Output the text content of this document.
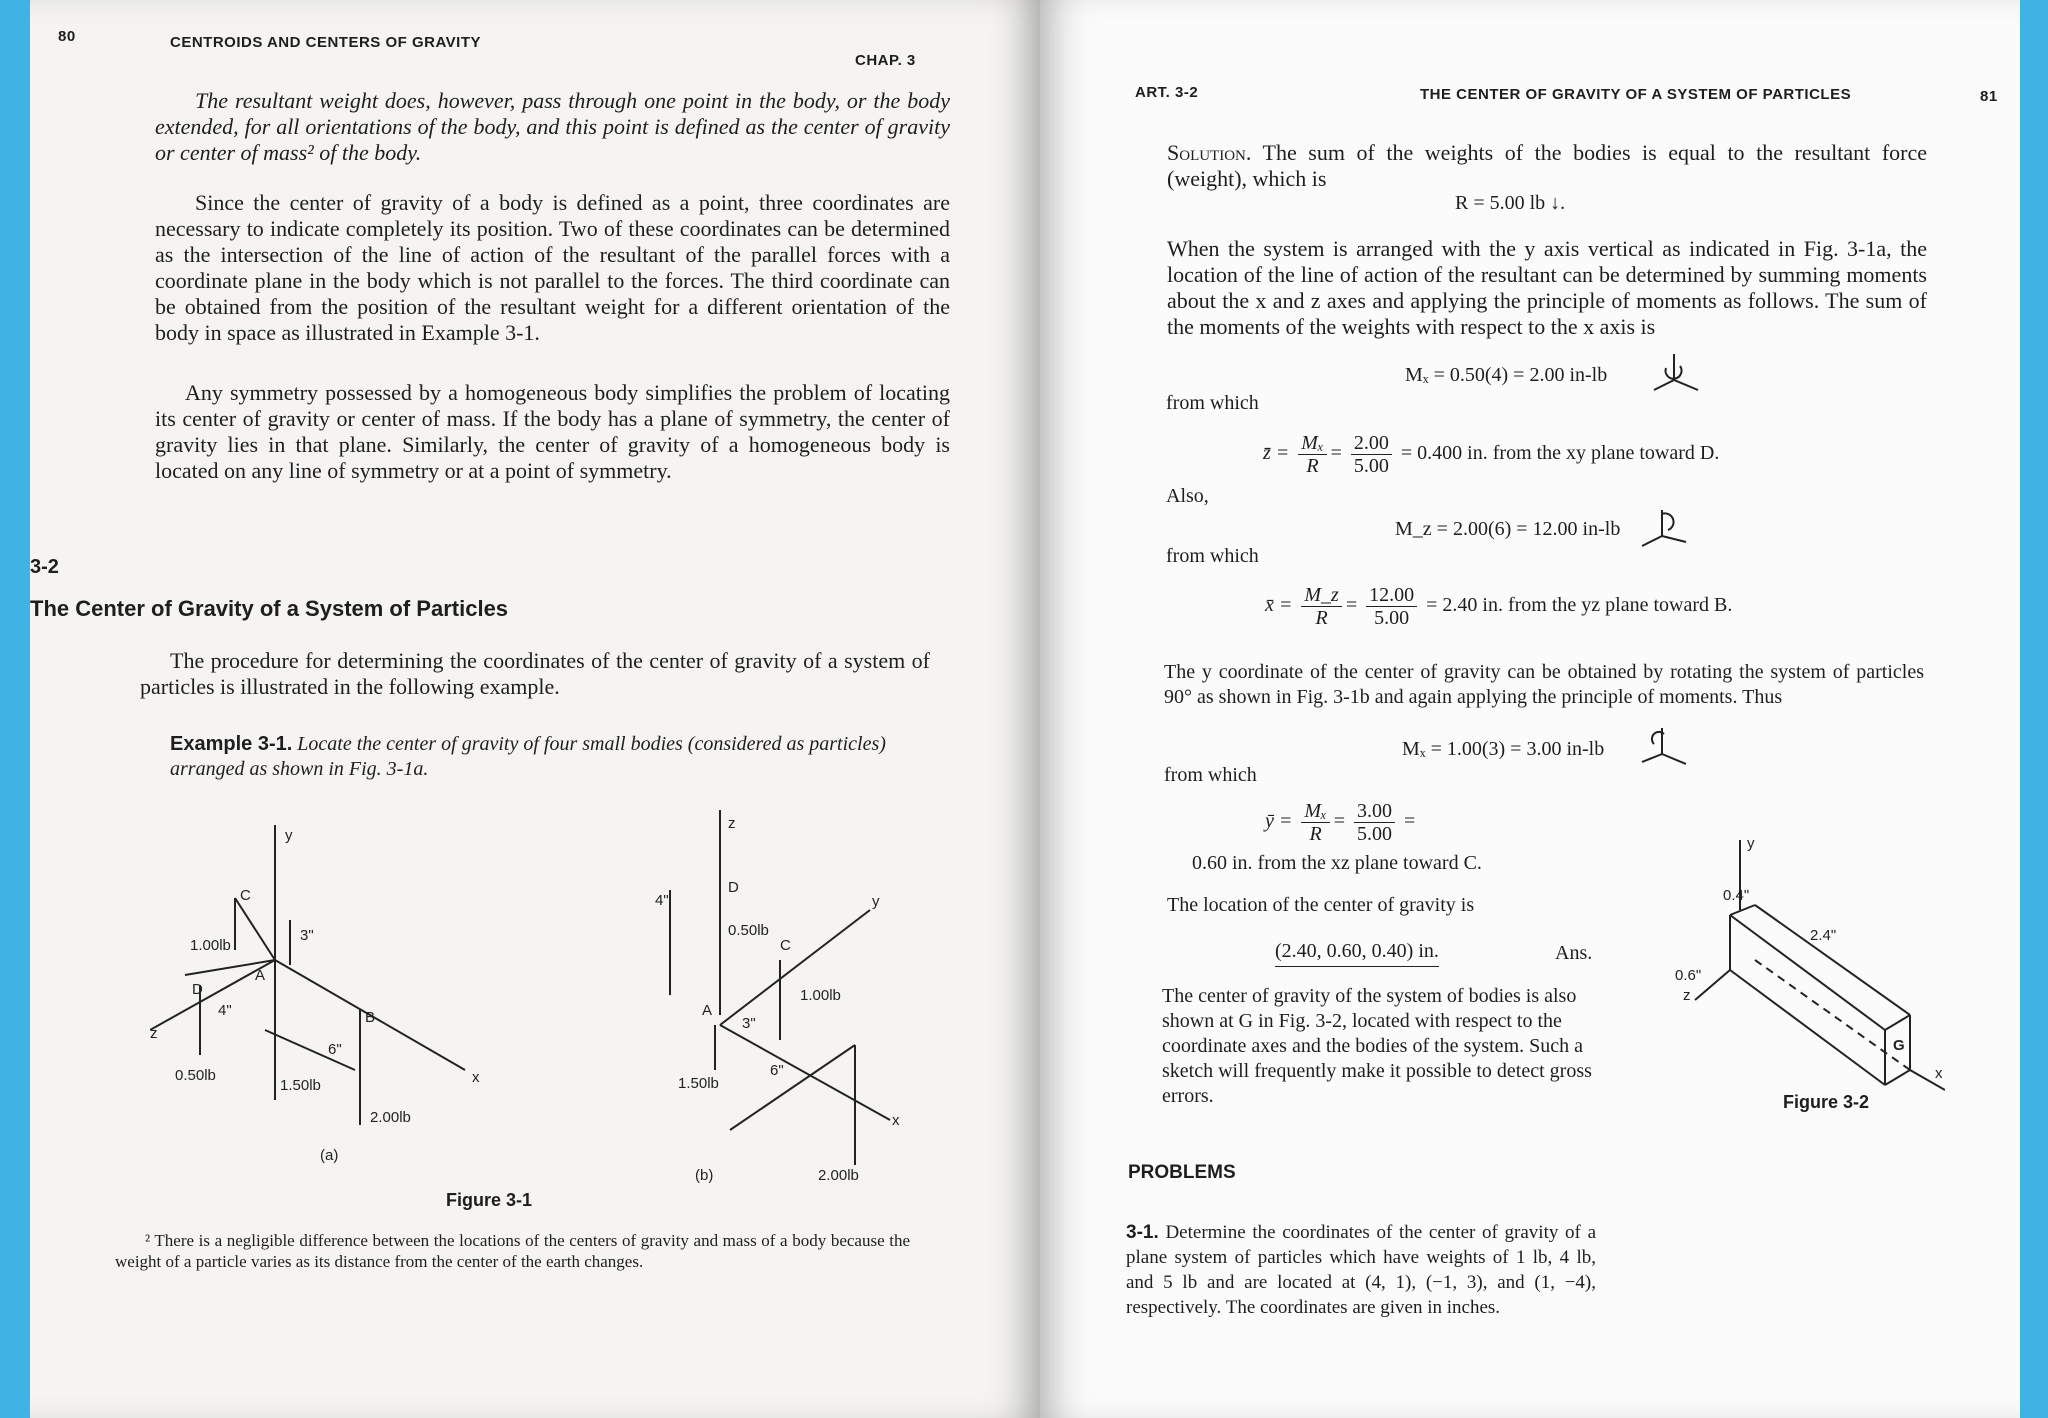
80	CENTROIDS AND CENTERS OF GRAVITY
CHAP. 3

The resultant weight does, however, pass through one point in the body, or the body extended, for all orientations of the body, and this point is defined as the center of gravity or center of mass² of the body.

Since the center of gravity of a body is defined as a point, three coordinates are necessary to indicate completely its position. Two of these coordinates can be determined as the intersection of the line of action of the resultant of the parallel forces with a coordinate plane in the body which is not parallel to the forces. The third coordinate can be obtained from the position of the resultant weight for a different orientation of the body in space as illustrated in Example 3-1.

Any symmetry possessed by a homogeneous body simplifies the problem of locating its center of gravity or center of mass. If the body has a plane of symmetry, the center of gravity lies in that plane. Similarly, the center of gravity of a homogeneous body is located on any line of symmetry or at a point of symmetry.

3-2
The Center of Gravity of a System of Particles

The procedure for determining the coordinates of the center of gravity of a system of particles is illustrated in the following example.

Example 3-1. Locate the center of gravity of four small bodies (considered as particles) arranged as shown in Fig. 3-1a.
y
x
z
C
A
D
B
1.00lb
1.50lb
0.50lb
2.00lb
3"
4"
6"
(a)
z
y
x
D
A
C
0.50lb
1.00lb
1.50lb
2.00lb
4"
3"
6"
(b)
Figure 3-1

² There is a negligible difference between the locations of the centers of gravity and mass of a body because the weight of a particle varies as its distance from the center of the earth changes.

ART. 3-2	THE CENTER OF GRAVITY OF A SYSTEM OF PARTICLES	81
Solution. The sum of the weights of the bodies is equal to the resultant force (weight), which is
R = 5.00 lb ↓.

When the system is arranged with the y axis vertical as indicated in Fig. 3-1a, the location of the line of action of the resultant can be determined by summing moments about the x and z axes and applying the principle of moments as follows. The sum of the moments of the weights with respect to the x axis is

Mₓ = 0.50(4) = 2.00 in-lb
from which
z̄ = $\frac{\text{Mₓ}}{R} = \frac{2.00}{5.00} = 0.400$ in. from the xy plane toward D.
Also,
M_z = 2.00(6) = 12.00 in-lb
from which
x̄ = $\frac{M\_z}{R} = \frac{12.00}{5.00} = 2.40$ in. from the yz plane toward B.

The y coordinate of the center of gravity can be obtained by rotating the system of particles 90° as shown in Fig. 3-1b and again applying the principle of moments. Thus

Mₓ = 1.00(3) = 3.00 in-lb
from which
ȳ = $\frac{\text{Mₓ}}{R} = \frac{3.00}{5.00}$ =
0.60 in. from the xz plane toward C.
The location of the center of gravity is
(2.40, 0.60, 0.40) in.	Ans.

The center of gravity of the system of bodies is also shown at G in Fig. 3-2, located with respect to the coordinate axes and the bodies of the system. Such a sketch will frequently make it possible to detect gross errors.

y
x
z
G
0.4"
2.4"
0.6"
Figure 3-2
PROBLEMS
3-1. Determine the coordinates of the center of gravity of a plane system of particles which have weights of 1 lb, 4 lb, and 5 lb and are located at (4, 1), (−1, 3), and (1, −4), respectively. The coordinates are given in inches.
